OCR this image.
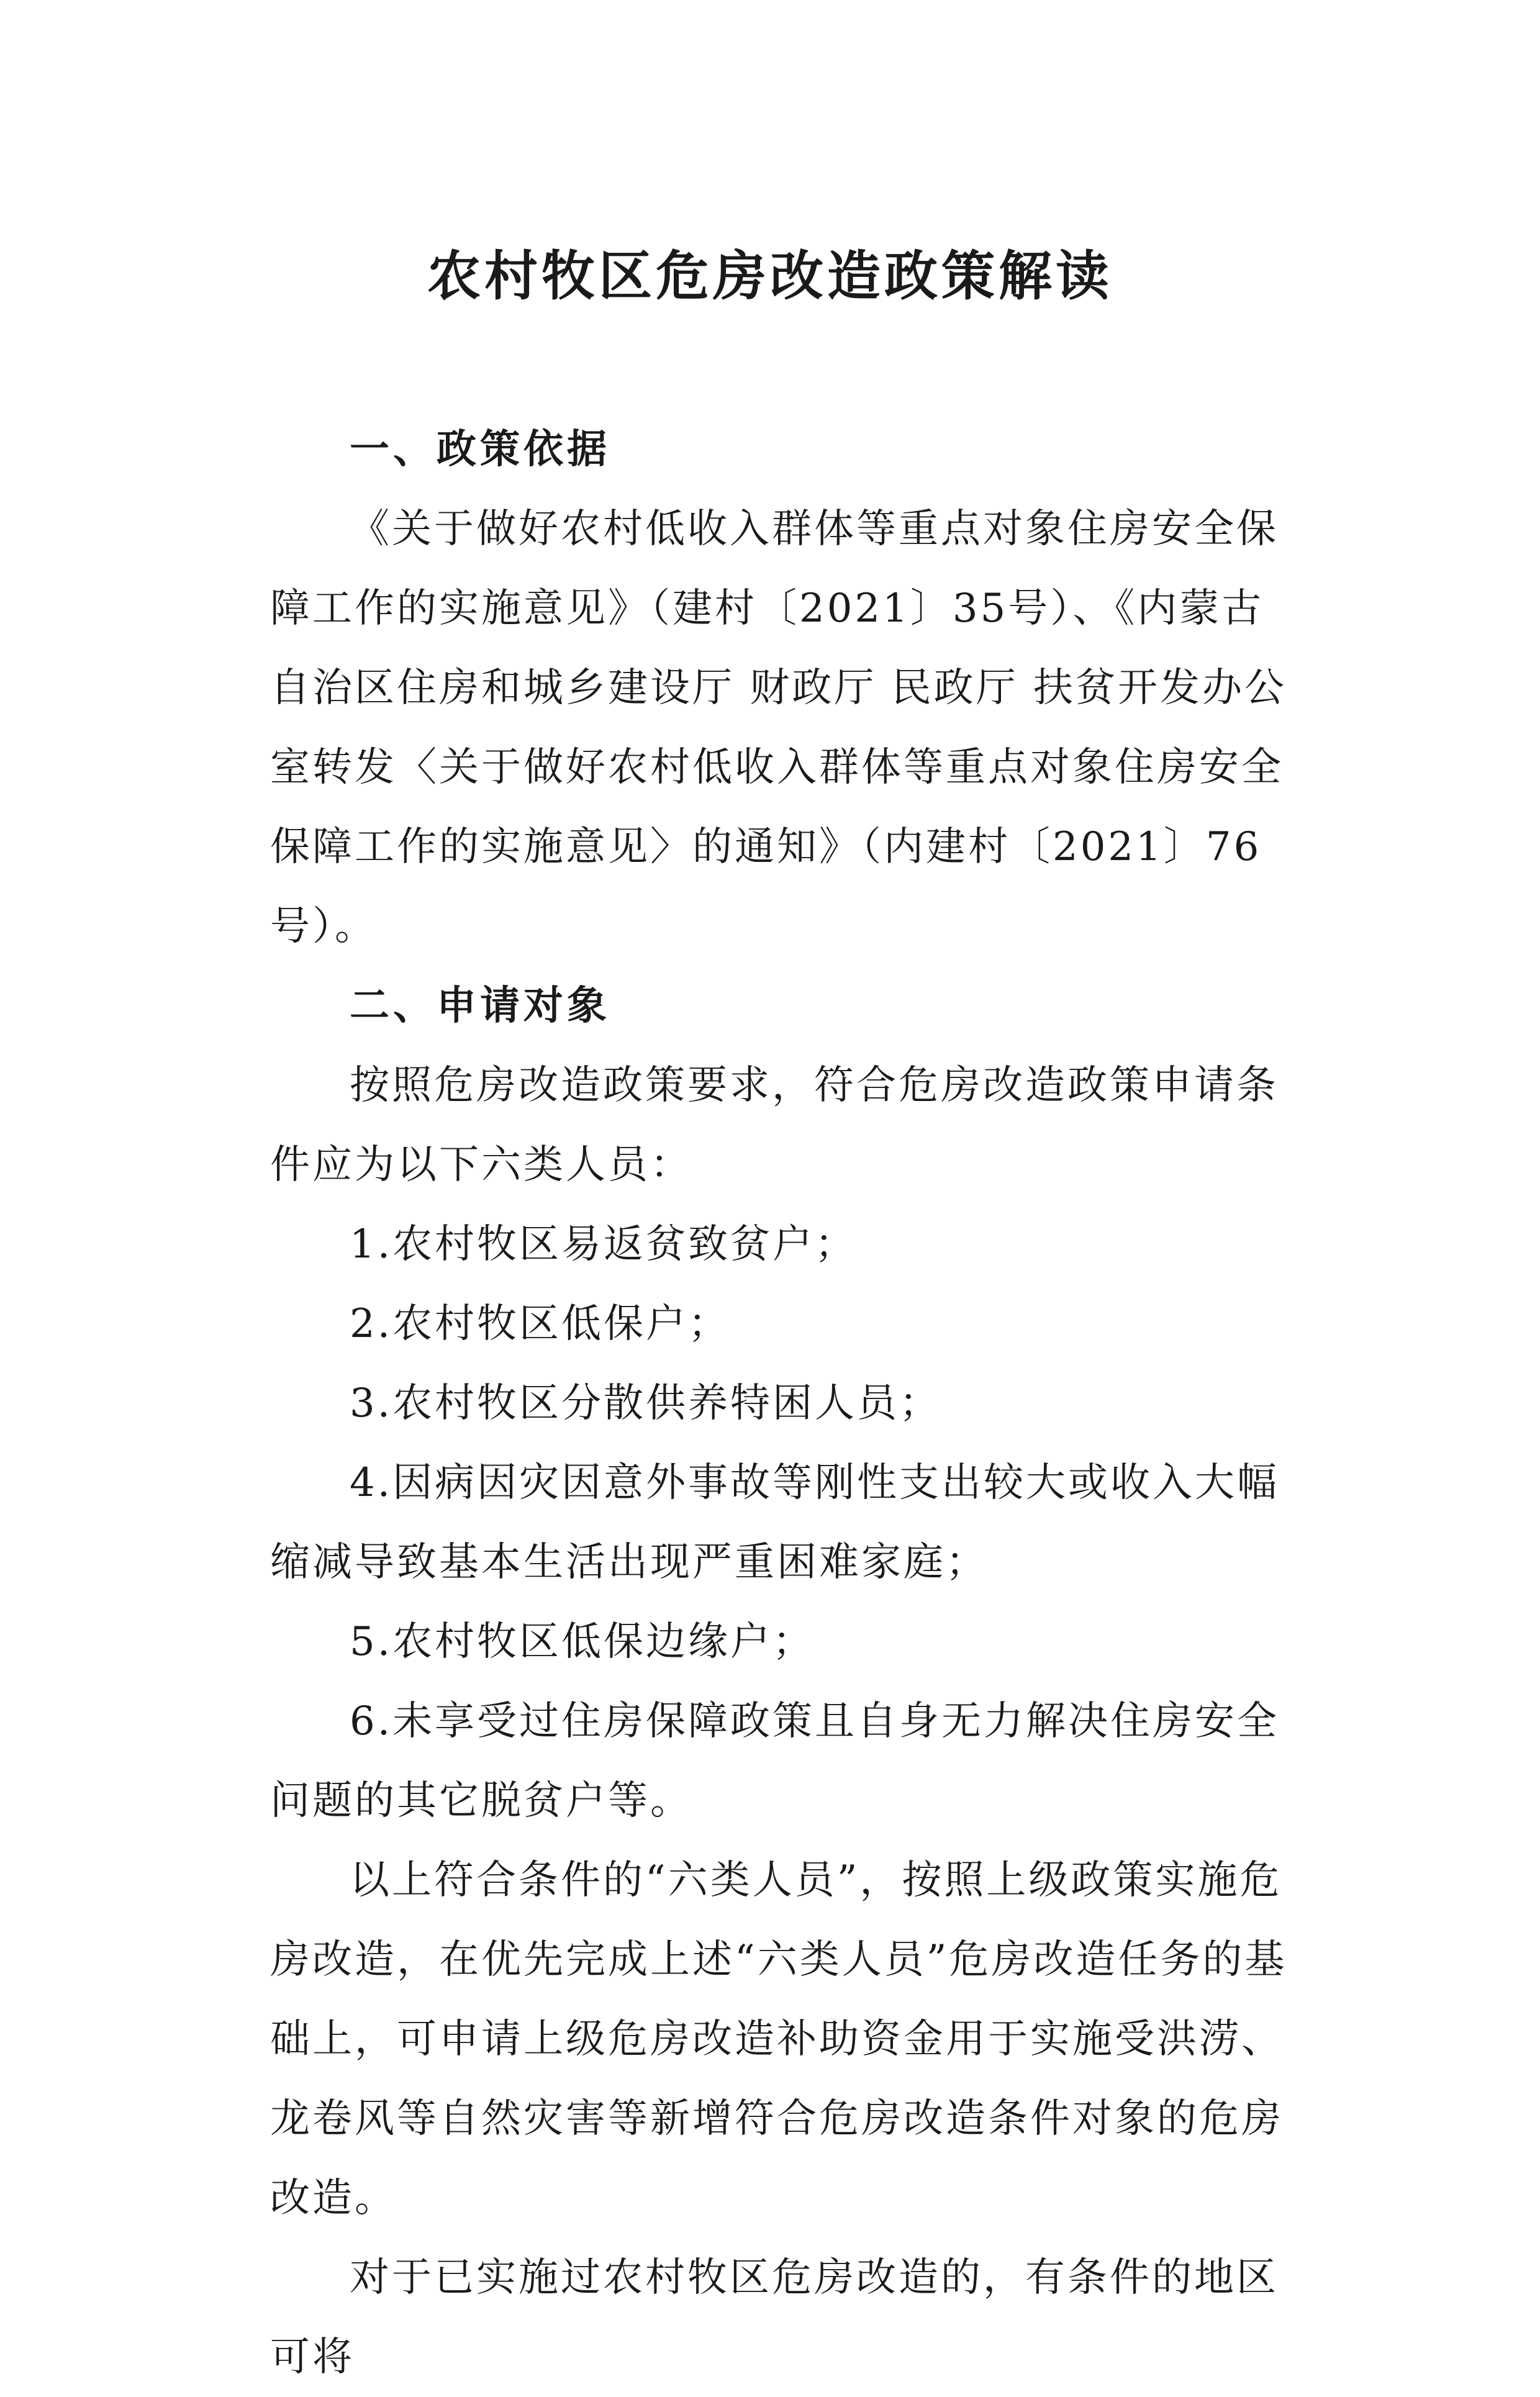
农村牧区危房改造政策解读

一、政策依据

《关于做好农村低收入群体等重点对象住房安全保障工作的实施意见》（建村〔2021〕35号）、《内蒙古自治区住房和城乡建设厅 财政厅 民政厅 扶贫开发办公室转发〈关于做好农村低收入群体等重点对象住房安全保障工作的实施意见〉的通知》（内建村〔2021〕76号）。

二、申请对象

按照危房改造政策要求，符合危房改造政策申请条件应为以下六类人员：

1.农村牧区易返贫致贫户；

2.农村牧区低保户；

3.农村牧区分散供养特困人员；

4.因病因灾因意外事故等刚性支出较大或收入大幅缩减导致基本生活出现严重困难家庭；

5.农村牧区低保边缘户；

6.未享受过住房保障政策且自身无力解决住房安全问题的其它脱贫户等。

以上符合条件的“六类人员”，按照上级政策实施危房改造，在优先完成上述“六类人员”危房改造任务的基础上，可申请上级危房改造补助资金用于实施受洪涝、龙卷风等自然灾害等新增符合危房改造条件对象的危房改造。

对于已实施过农村牧区危房改造的，有条件的地区可将
